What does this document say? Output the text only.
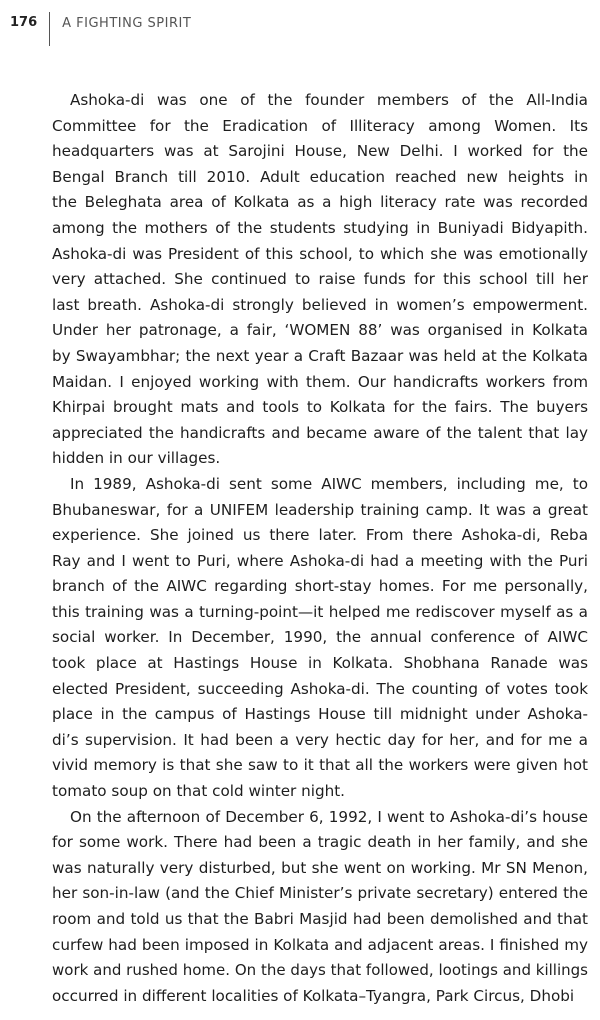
176 A FIGHTING SPIRIT
Ashoka-di was one of the founder members of the All-India
Committee for the Eradication of Illiteracy among Women. Its
headquarters was at Sarojini House, New Delhi. I worked for the
Bengal Branch till 2010. Adult education reached new heights in
the Beleghata area of Kolkata as a high literacy rate was recorded
among the mothers of the students studying in Buniyadi Bidyapith.
Ashoka-di was President of this school, to which she was emotionally
very attached. She continued to raise funds for this school till her
last breath. Ashoka-di strongly believed in women’s empowerment.
Under her patronage, a fair, ‘WOMEN 88’ was organised in Kolkata
by Swayambhar; the next year a Craft Bazaar was held at the Kolkata
Maidan. I enjoyed working with them. Our handicrafts workers from
Khirpai brought mats and tools to Kolkata for the fairs. The buyers
appreciated the handicrafts and became aware of the talent that lay
hidden in our villages.
In 1989, Ashoka-di sent some AIWC members, including me, to
Bhubaneswar, for a UNIFEM leadership training camp. It was a great
experience. She joined us there later. From there Ashoka-di, Reba
Ray and I went to Puri, where Ashoka-di had a meeting with the Puri
branch of the AIWC regarding short-stay homes. For me personally,
this training was a turning-point—it helped me rediscover myself as a
social worker. In December, 1990, the annual conference of AIWC
took place at Hastings House in Kolkata. Shobhana Ranade was
elected President, succeeding Ashoka-di. The counting of votes took
place in the campus of Hastings House till midnight under Ashoka-
di’s supervision. It had been a very hectic day for her, and for me a
vivid memory is that she saw to it that all the workers were given hot
tomato soup on that cold winter night.
On the afternoon of December 6, 1992, I went to Ashoka-di’s house
for some work. There had been a tragic death in her family, and she
was naturally very disturbed, but she went on working. Mr SN Menon,
her son-in-law (and the Chief Minister’s private secretary) entered the
room and told us that the Babri Masjid had been demolished and that
curfew had been imposed in Kolkata and adjacent areas. I finished my
work and rushed home. On the days that followed, lootings and killings
occurred in different localities of Kolkata–Tyangra, Park Circus, Dhobi
